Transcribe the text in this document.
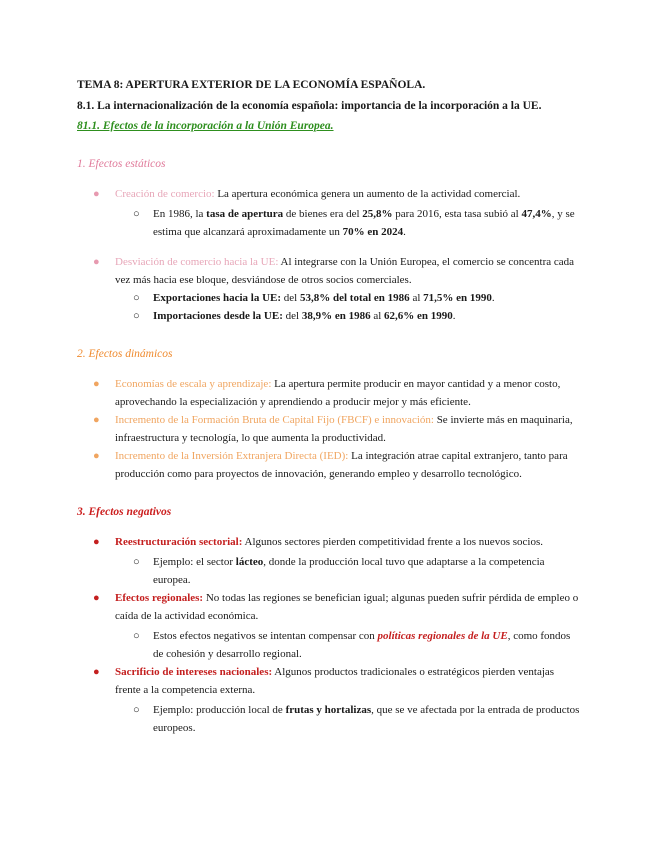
TEMA 8: APERTURA EXTERIOR DE LA ECONOMÍA ESPAÑOLA.

8.1. La internacionalización de la economía española: importancia de la incorporación a la UE.

81.1. Efectos de la incorporación a la Unión Europea.

1. Efectos estáticos

● Creación de comercio: La apertura económica genera un aumento de la actividad comercial.
○ En 1986, la tasa de apertura de bienes era del 25,8% para 2016, esta tasa subió al 47,4%, y se estima que alcanzará aproximadamente un 70% en 2024.
● Desviación de comercio hacia la UE: Al integrarse con la Unión Europea, el comercio se concentra cada vez más hacia ese bloque, desviándose de otros socios comerciales.
○ Exportaciones hacia la UE: del 53,8% del total en 1986 al 71,5% en 1990.
○ Importaciones desde la UE: del 38,9% en 1986 al 62,6% en 1990.

2. Efectos dinámicos

● Economías de escala y aprendizaje: La apertura permite producir en mayor cantidad y a menor costo, aprovechando la especialización y aprendiendo a producir mejor y más eficiente.
● Incremento de la Formación Bruta de Capital Fijo (FBCF) e innovación: Se invierte más en maquinaria, infraestructura y tecnología, lo que aumenta la productividad.
● Incremento de la Inversión Extranjera Directa (IED): La integración atrae capital extranjero, tanto para producción como para proyectos de innovación, generando empleo y desarrollo tecnológico.

3. Efectos negativos

● Reestructuración sectorial: Algunos sectores pierden competitividad frente a los nuevos socios.
○ Ejemplo: el sector lácteo, donde la producción local tuvo que adaptarse a la competencia europea.
● Efectos regionales: No todas las regiones se benefician igual; algunas pueden sufrir pérdida de empleo o caída de la actividad económica.
○ Estos efectos negativos se intentan compensar con políticas regionales de la UE, como fondos de cohesión y desarrollo regional.
● Sacrificio de intereses nacionales: Algunos productos tradicionales o estratégicos pierden ventajas frente a la competencia externa.
○ Ejemplo: producción local de frutas y hortalizas, que se ve afectada por la entrada de productos europeos.
